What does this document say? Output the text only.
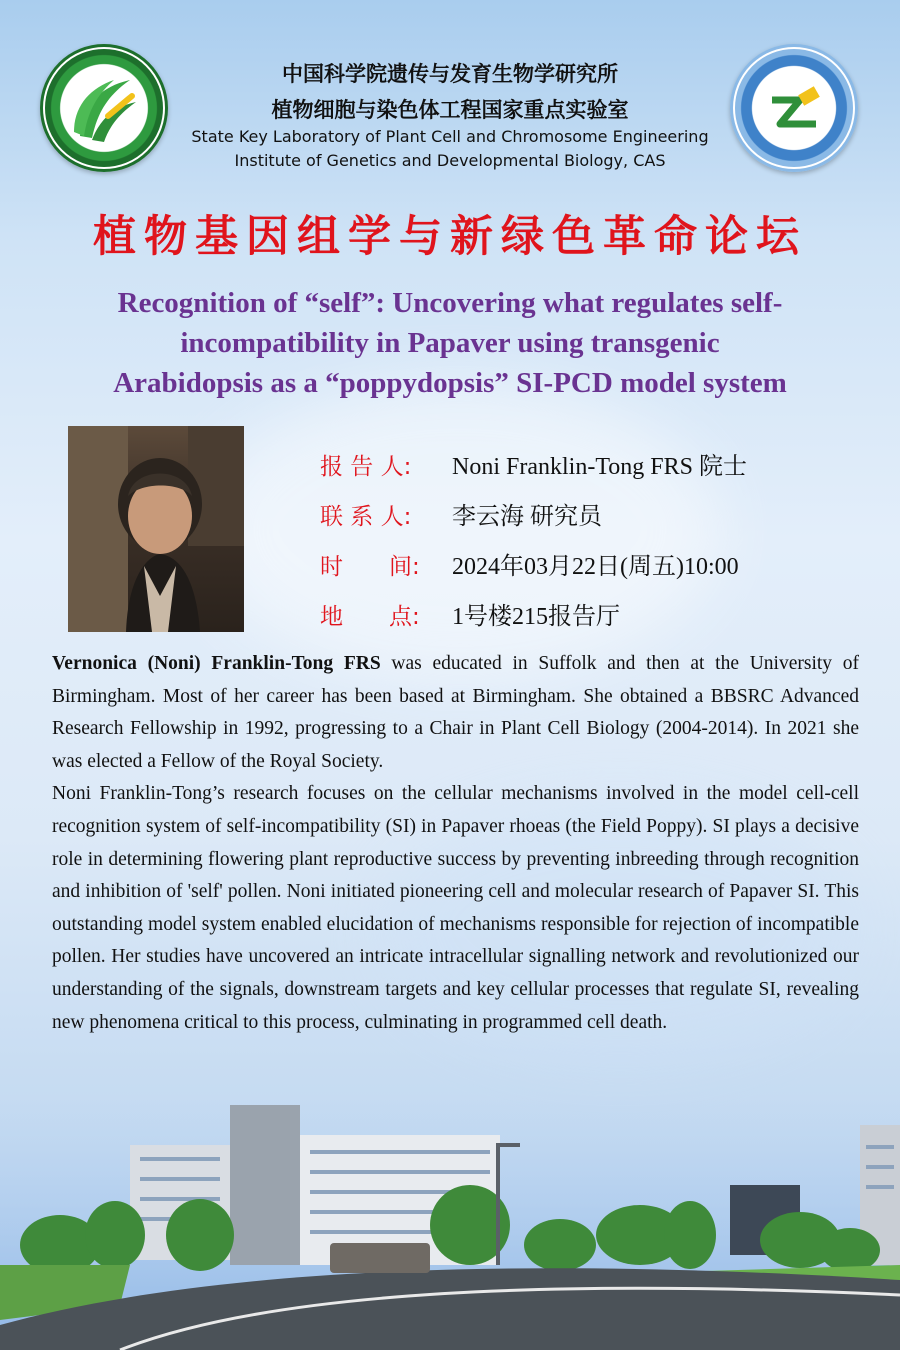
中国科学院遗传与发育生物学研究所
植物细胞与染色体工程国家重点实验室
State Key Laboratory of Plant Cell and Chromosome Engineering
Institute of Genetics and Developmental Biology, CAS
植物基因组学与新绿色革命论坛
Recognition of “self”: Uncovering what regulates self-
incompatibility in Papaver using transgenic
Arabidopsis as a “poppydopsis” SI-PCD model system
报 告 人: Noni Franklin-Tong FRS 院士
联 系 人: 李云海 研究员
时　　间: 2024年03月22日(周五)10:00
地　　点: 1号楼215报告厅
Vernonica (Noni) Franklin-Tong FRS was educated in Suffolk and then at the University of Birmingham. Most of her career has been based at Birmingham. She obtained a BBSRC Advanced Research Fellowship in 1992, progressing to a Chair in Plant Cell Biology (2004-2014). In 2021 she was elected a Fellow of the Royal Society.
Noni Franklin-Tong’s research focuses on the cellular mechanisms involved in the model cell-cell recognition system of self-incompatibility (SI) in Papaver rhoeas (the Field Poppy). SI plays a decisive role in determining flowering plant reproductive success by preventing inbreeding through recognition and inhibition of 'self' pollen. Noni initiated pioneering cell and molecular research of Papaver SI. This outstanding model system enabled elucidation of mechanisms responsible for rejection of incompatible pollen. Her studies have uncovered an intricate intracellular signalling network and revolutionized our understanding of the signals, downstream targets and key cellular processes that regulate SI, revealing new phenomena critical to this process, culminating in programmed cell death.
